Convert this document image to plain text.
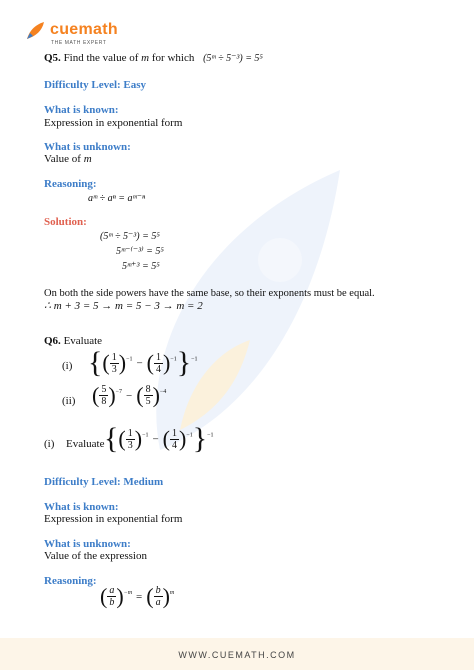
cuemath
THE MATH EXPERT
Q5. Find the value of m for which (5ᵐ ÷ 5⁻³) = 5⁵
Difficulty Level: Easy
What is known:
Expression in exponential form
What is unknown:
Value of m
Reasoning:
aᵐ ÷ aⁿ = aᵐ⁻ⁿ
Solution:
(5ᵐ ÷ 5⁻³) = 5⁵
5ᵐ⁻⁽⁻³⁾ = 5⁵
5ᵐ⁺³ = 5⁵
On both the side powers have the same base, so their exponents must be equal.
∴ m + 3 = 5 → m = 5 − 3 → m = 2
Q6. Evaluate
(i) {( $\frac{1}{3} )^{-1}$ − ( $\frac{1}{4} )^{-1}\}^{-1}$
(ii) ( $\frac{5}{8} )^{-7}$ − ( $\frac{8}{5} )^{-4}$
(i) Evaluate {( $\frac{1}{3} )^{-1}$ − ( $\frac{1}{4} )^{-1}\}^{-1}$
Difficulty Level: Medium
What is known:
Expression in exponential form
What is unknown:
Value of the expression
Reasoning:
( $\frac{a}{b} )^{-m}$ = ( $\frac{b}{a} )^m$
WWW.CUEMATH.COM
